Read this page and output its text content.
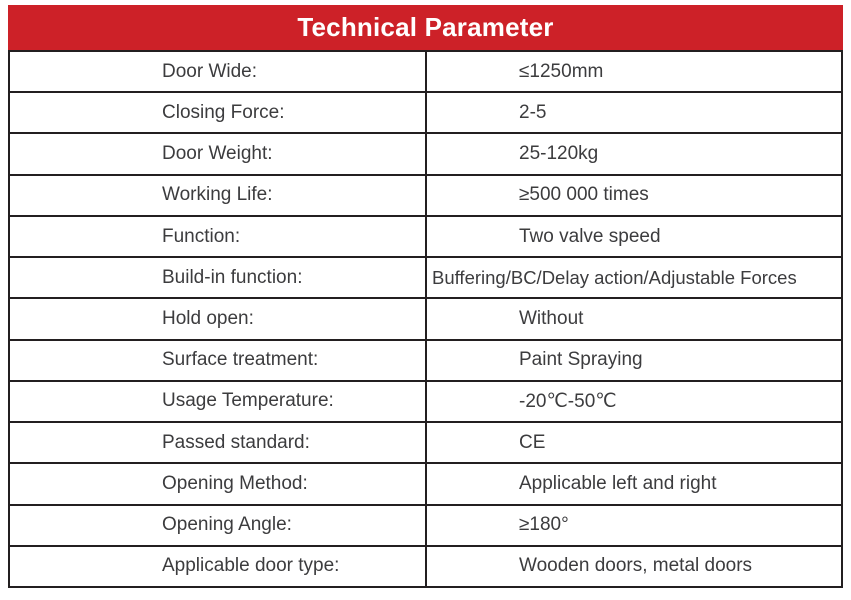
Technical Parameter
Door Wide:	≤1250mm
Closing Force:	2-5
Door Weight:	25-120kg
Working Life:	≥500 000 times
Function:	Two valve speed
Build-in function:	Buffering/BC/Delay action/Adjustable Forces
Hold open:	Without
Surface treatment:	Paint Spraying
Usage Temperature:	-20℃-50℃
Passed standard:	CE
Opening Method:	Applicable left and right
Opening Angle:	≥180°
Applicable door type:	Wooden doors, metal doors
